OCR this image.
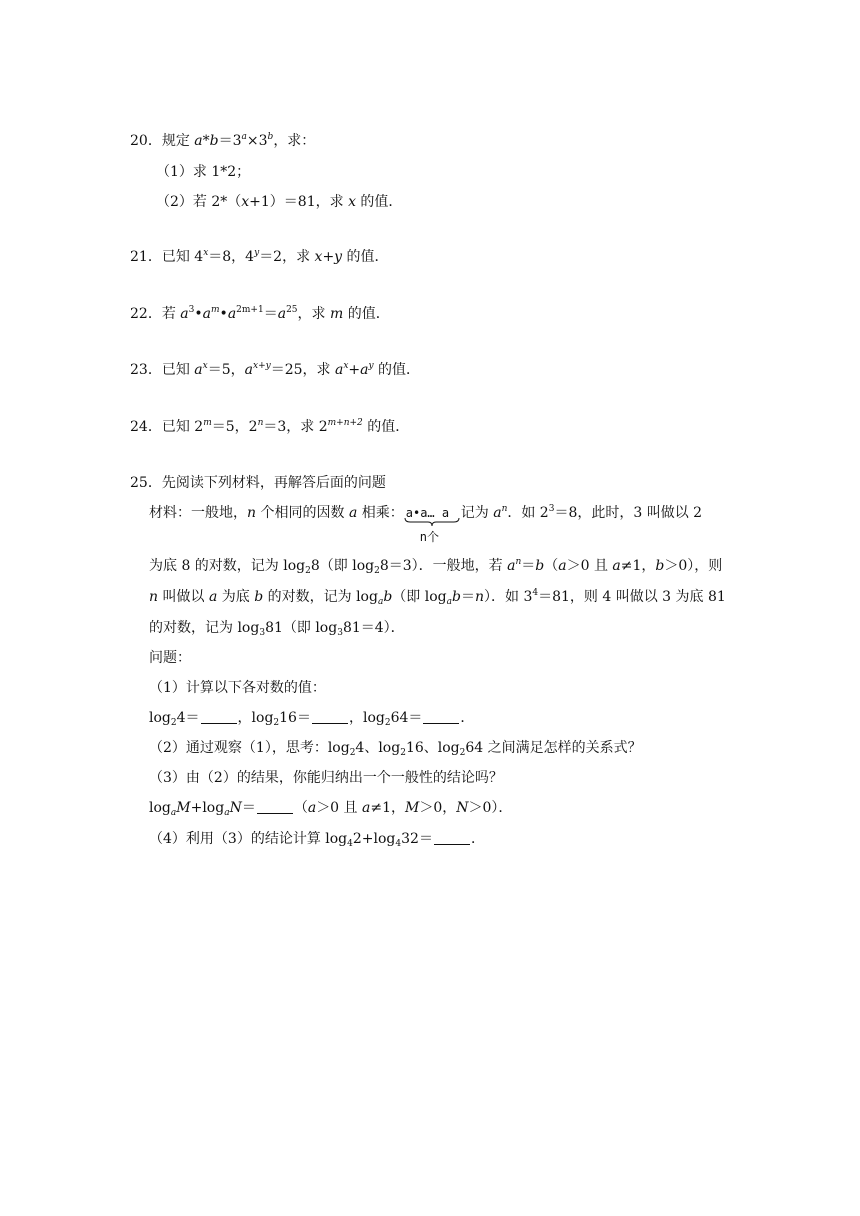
20．规定 $a*b=3^a\times 3^b$，求：
（1）求 1*2；
（2）若 2*（x+1）＝81，求 x 的值．
21．已知 $4^x=8$，$4^y=2$，求 x+y 的值．
22．若 $a^3•a^m•a^{2m+1}=a^{25}$，求 m 的值．
23．已知 $a^x=5$，$a^{x+y}=25$，求 $a^x+a^y$ 的值．
24．已知 $2^m=5$，$2^n=3$，求 $2^{m+n+2}$ 的值．
25．先阅读下列材料，再解答后面的问题
材料：一般地，n 个相同的因数 a 相乘： a•a… a
n个
记为 $a^n$．如 $2^3=8$，此时，3 叫做以 2
为底 8 的对数，记为 $\log_28$（即 $\log_28=3$）．一般地，若 $a^n=b(a>0$ 且 a≠1，b＞0），则
n 叫做以 a 为底 b 的对数，记为 $\log_ab$（即 $\log_ab=n$）．如 $3^4=81$，则 4 叫做以 3 为底 81
的对数，记为 $\log_381$（即 $\log_381=4$）．
问题：
（1）计算以下各对数的值：
$\log_24=$	，$\log_216=$	，$\log_264=$	．
（2）通过观察（1），思考：$\log_24$、$\log_216$、$\log_264$ 之间满足怎样的关系式？
（3）由（2）的结果，你能归纳出一个一般性的结论吗？
$\log_aM+\log_aN=$	（a＞0 且 a≠1，M＞0，N＞0）．
（4）利用（3）的结论计算 $\log_42+\log_432=$	．
